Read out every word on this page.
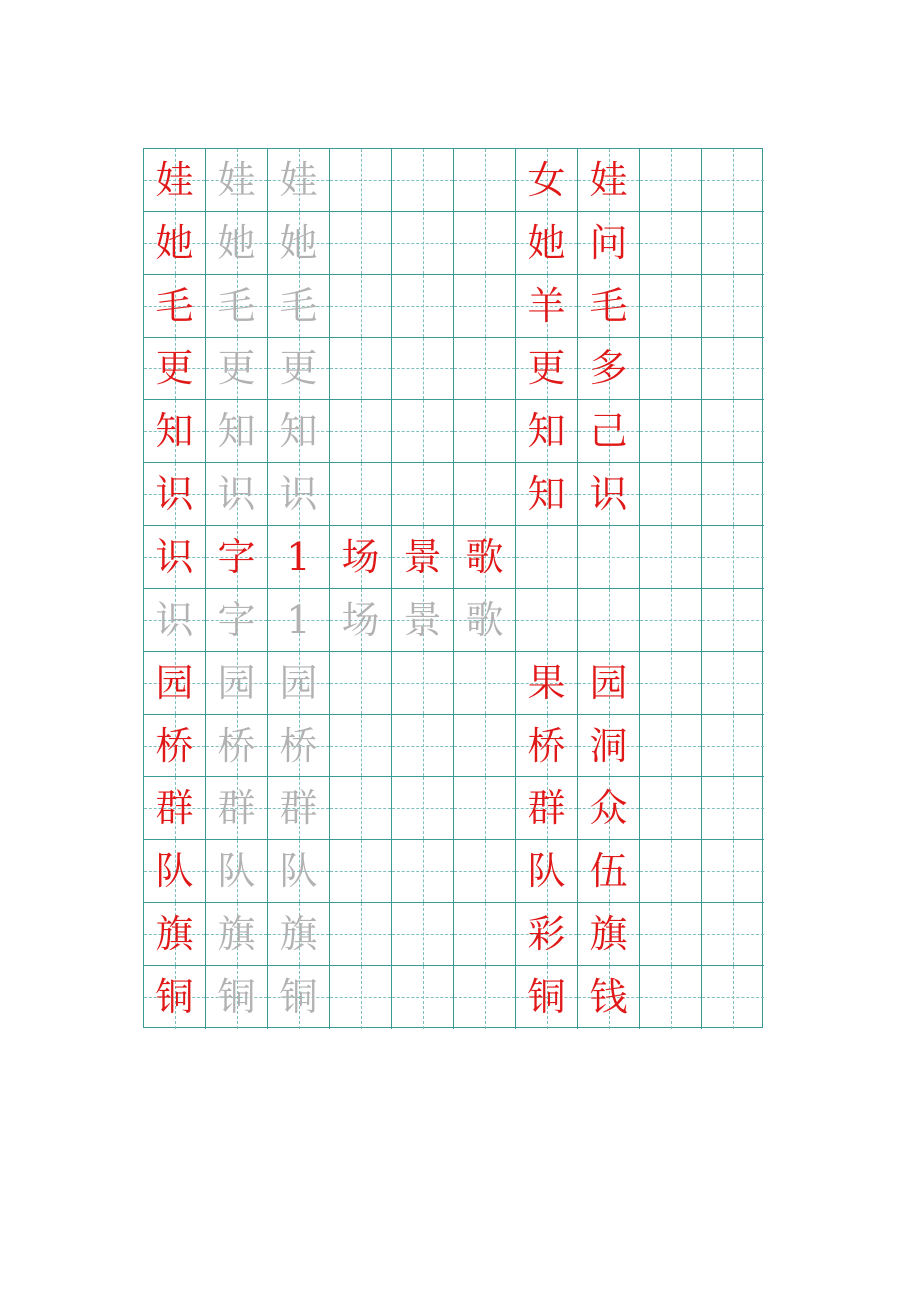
娃 娃 娃	女 娃
她 她 她	她 问
毛 毛 毛	羊 毛
更 更 更	更 多
知 知 知	知 己
识 识 识	知 识
识 字 1 场 景 歌
识 字 1 场 景 歌
园 园 园	果 园
桥 桥 桥	桥 洞
群 群 群	群 众
队 队 队	队 伍
旗 旗 旗	彩 旗
铜 铜 铜	铜 钱
